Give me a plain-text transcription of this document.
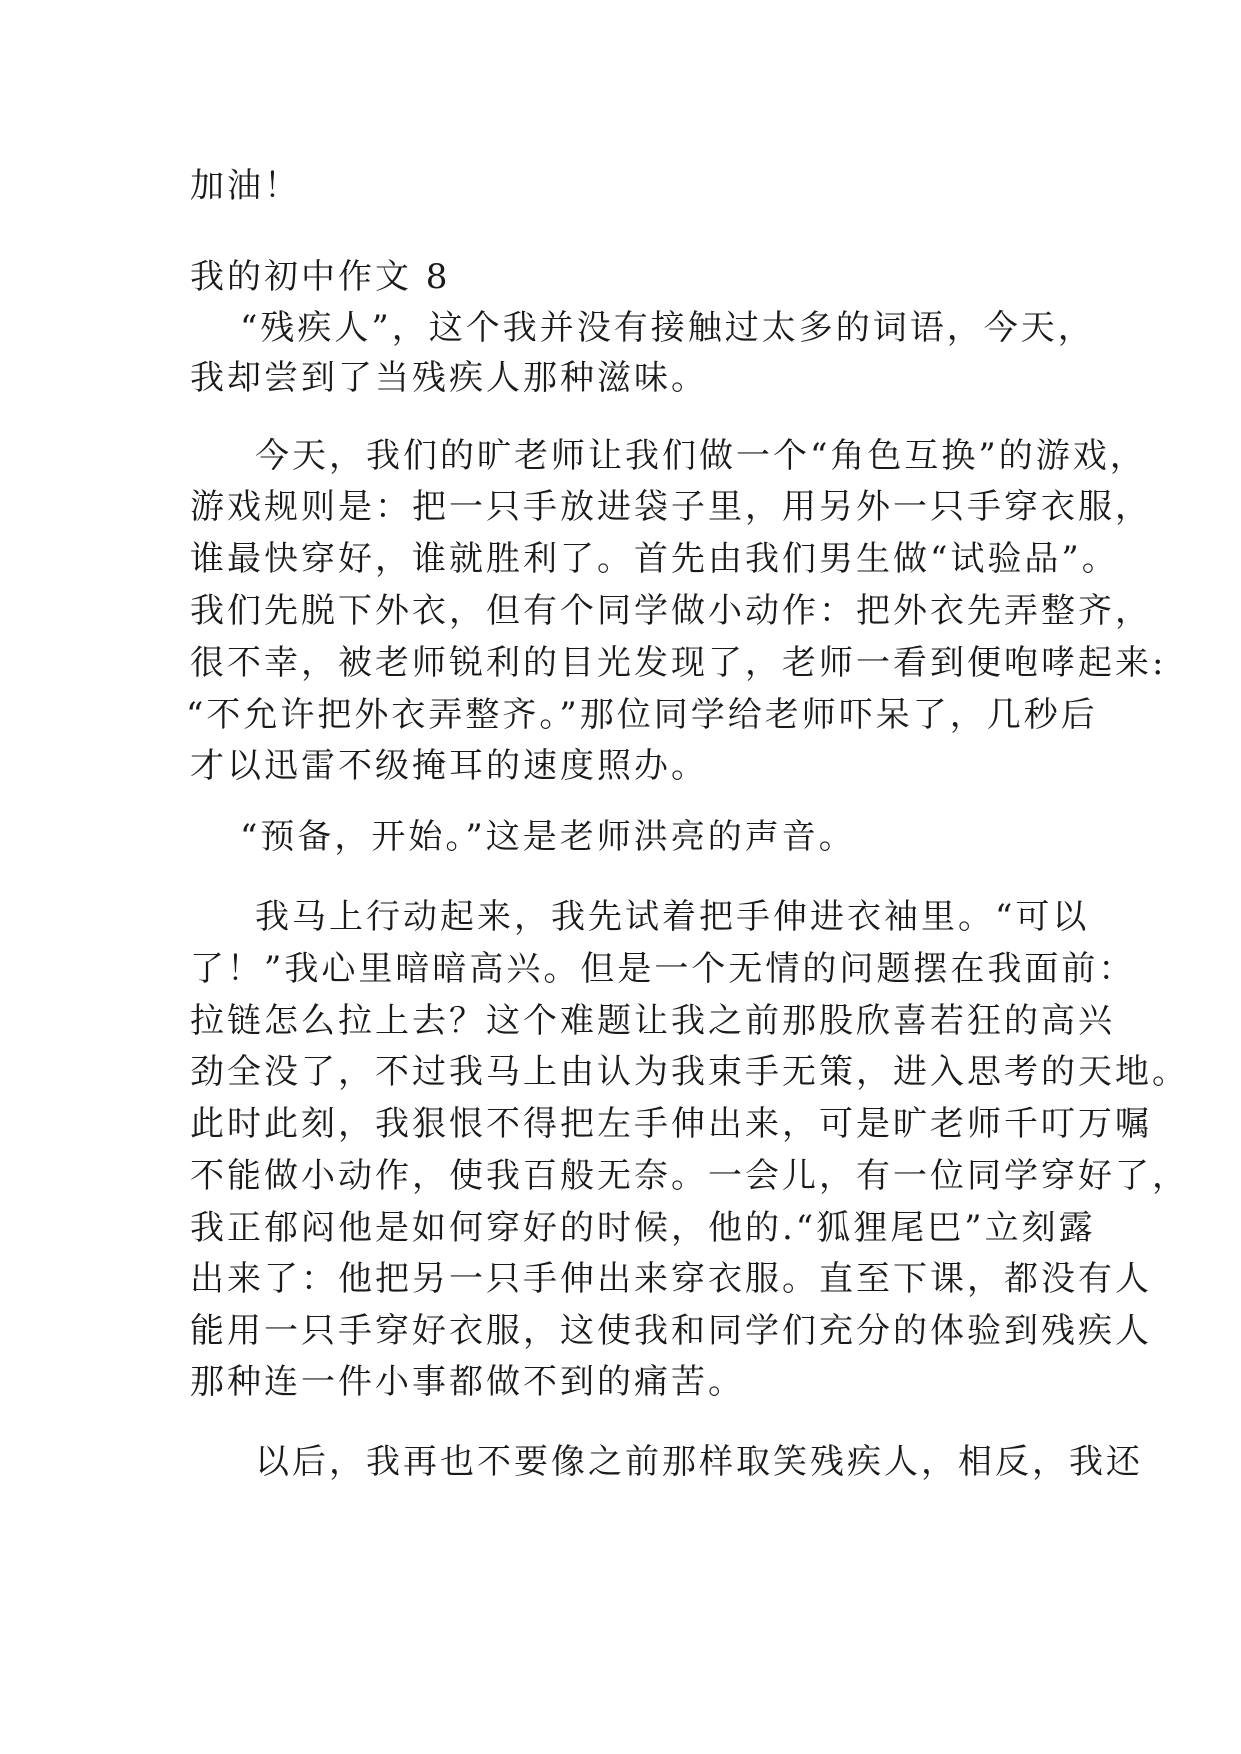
加油！
我的初中作文 8
“残疾人”，这个我并没有接触过太多的词语，今天，
我却尝到了当残疾人那种滋味。
今天，我们的旷老师让我们做一个“角色互换”的游戏，
游戏规则是：把一只手放进袋子里，用另外一只手穿衣服，
谁最快穿好，谁就胜利了。首先由我们男生做“试验品”。
我们先脱下外衣，但有个同学做小动作：把外衣先弄整齐，
很不幸，被老师锐利的目光发现了，老师一看到便咆哮起来:
“不允许把外衣弄整齐。”那位同学给老师吓呆了，几秒后
才以迅雷不级掩耳的速度照办。
“预备，开始。”这是老师洪亮的声音。
我马上行动起来，我先试着把手伸进衣袖里。“可以
了！”我心里暗暗高兴。但是一个无情的问题摆在我面前：
拉链怎么拉上去？这个难题让我之前那股欣喜若狂的高兴
劲全没了，不过我马上由认为我束手无策，进入思考的天地。
此时此刻，我狠恨不得把左手伸出来，可是旷老师千叮万嘱
不能做小动作，使我百般无奈。一会儿，有一位同学穿好了，
我正郁闷他是如何穿好的时候，他的.“狐狸尾巴”立刻露
出来了：他把另一只手伸出来穿衣服。直至下课，都没有人
能用一只手穿好衣服，这使我和同学们充分的体验到残疾人
那种连一件小事都做不到的痛苦。
以后，我再也不要像之前那样取笑残疾人，相反，我还
